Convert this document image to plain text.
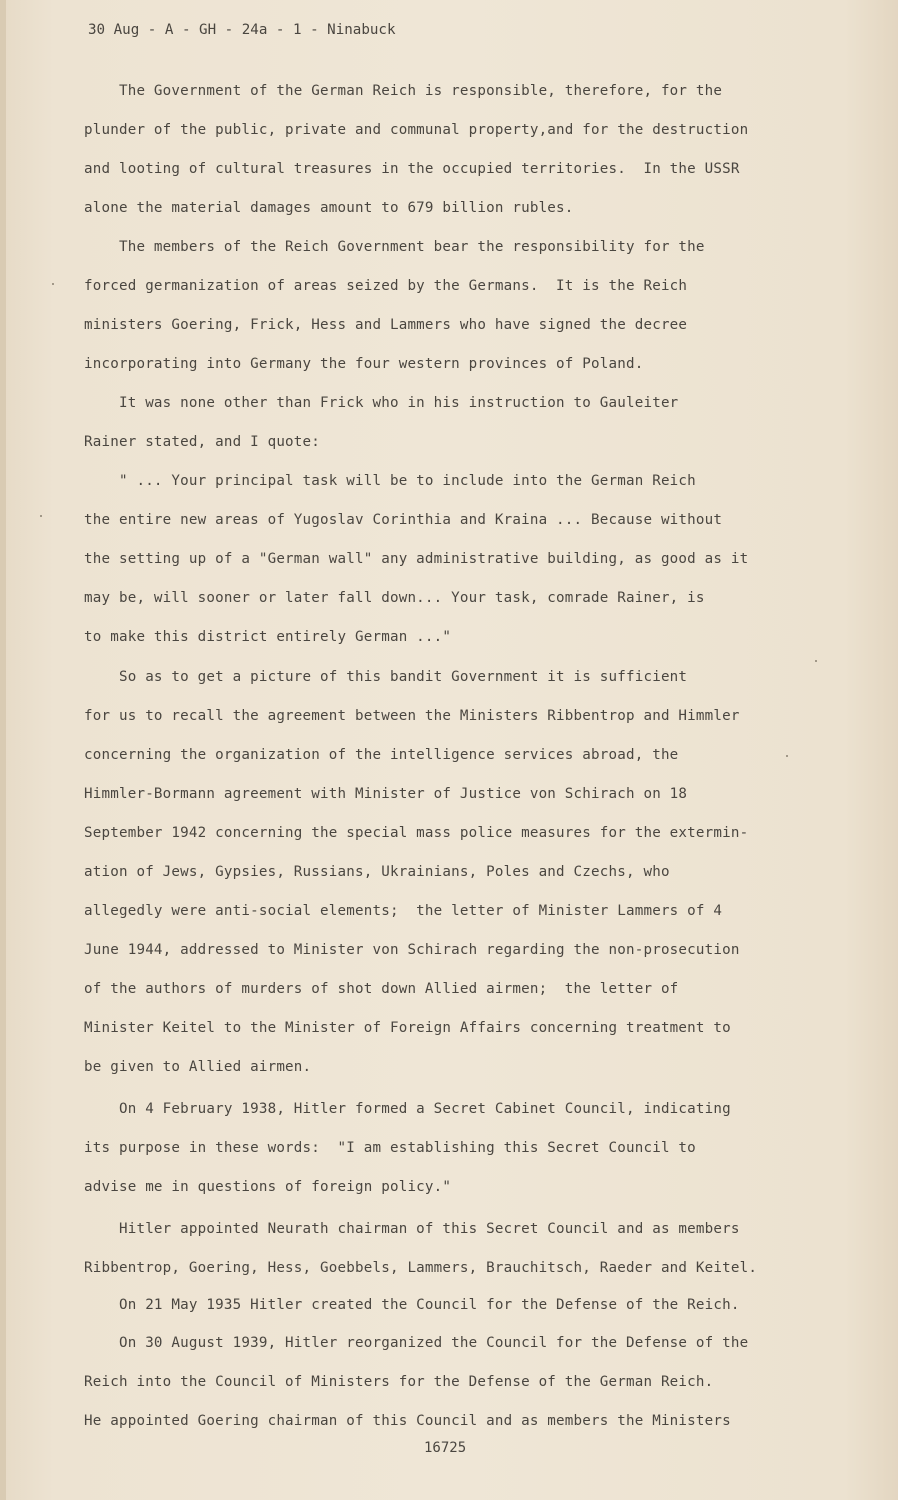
30 Aug - A - GH - 24a - 1 - Ninabuck
The Government of the German Reich is responsible, therefore, for the
plunder of the public, private and communal property,and for the destruction
and looting of cultural treasures in the occupied territories.  In the USSR
alone the material damages amount to 679 billion rubles.
The members of the Reich Government bear the responsibility for the
forced germanization of areas seized by the Germans.  It is the Reich
ministers Goering, Frick, Hess and Lammers who have signed the decree
incorporating into Germany the four western provinces of Poland.
It was none other than Frick who in his instruction to Gauleiter
Rainer stated, and I quote:
" ... Your principal task will be to include into the German Reich
the entire new areas of Yugoslav Corinthia and Kraina ... Because without
the setting up of a "German wall" any administrative building, as good as it
may be, will sooner or later fall down... Your task, comrade Rainer, is
to make this district entirely German ..."
So as to get a picture of this bandit Government it is sufficient
for us to recall the agreement between the Ministers Ribbentrop and Himmler
concerning the organization of the intelligence services abroad, the
Himmler-Bormann agreement with Minister of Justice von Schirach on 18
September 1942 concerning the special mass police measures for the extermin-
ation of Jews, Gypsies, Russians, Ukrainians, Poles and Czechs, who
allegedly were anti-social elements;  the letter of Minister Lammers of 4
June 1944, addressed to Minister von Schirach regarding the non-prosecution
of the authors of murders of shot down Allied airmen;  the letter of
Minister Keitel to the Minister of Foreign Affairs concerning treatment to
be given to Allied airmen.
On 4 February 1938, Hitler formed a Secret Cabinet Council, indicating
its purpose in these words:  "I am establishing this Secret Council to
advise me in questions of foreign policy."
Hitler appointed Neurath chairman of this Secret Council and as members
Ribbentrop, Goering, Hess, Goebbels, Lammers, Brauchitsch, Raeder and Keitel.
On 21 May 1935 Hitler created the Council for the Defense of the Reich.
On 30 August 1939, Hitler reorganized the Council for the Defense of the
Reich into the Council of Ministers for the Defense of the German Reich.
He appointed Goering chairman of this Council and as members the Ministers
16725
